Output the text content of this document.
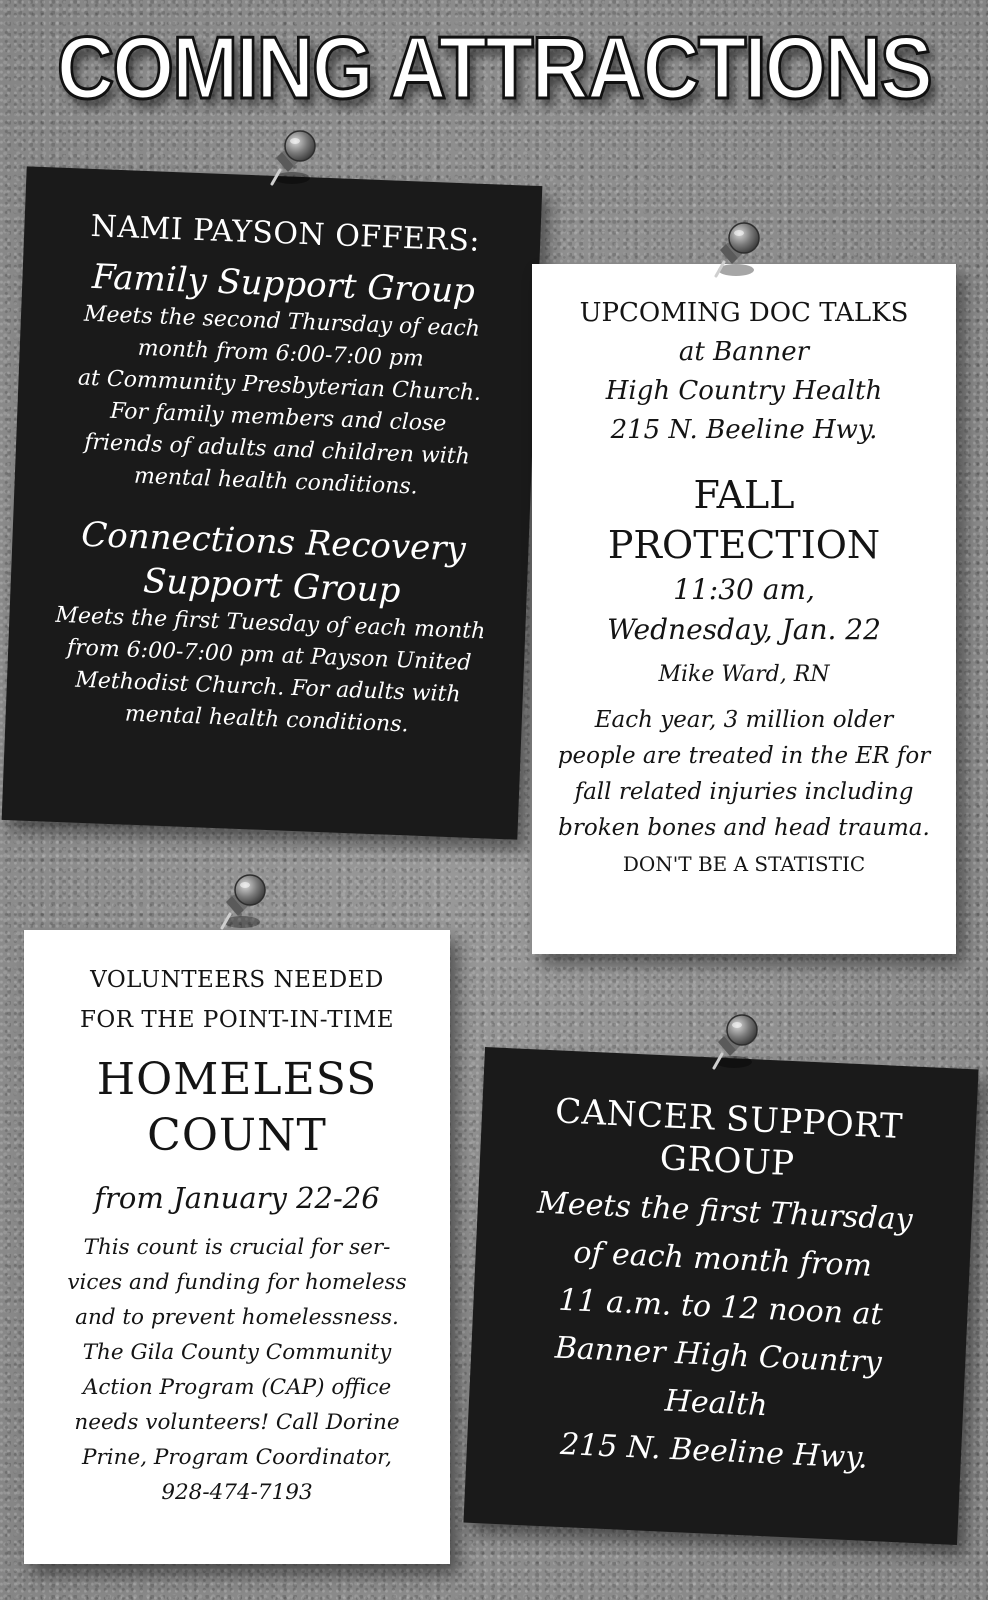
COMING ATTRACTIONS

NAMI PAYSON OFFERS:

Family Support Group

Meets the second Thursday of each

month from 6:00-7:00 pm

at Community Presbyterian Church.

For family members and close

friends of adults and children with

mental health conditions.

Connections Recovery

Support Group

Meets the first Tuesday of each month

from 6:00-7:00 pm at Payson United

Methodist Church. For adults with

mental health conditions.

UPCOMING DOC TALKS

at Banner

High Country Health

215 N. Beeline Hwy.

FALL

PROTECTION

11:30 am,

Wednesday, Jan. 22

Mike Ward, RN

Each year, 3 million older

people are treated in the ER for

fall related injuries including

broken bones and head trauma.

DON'T BE A STATISTIC

VOLUNTEERS NEEDED

FOR THE POINT-IN-TIME

HOMELESS

COUNT

from January 22-26

This count is crucial for ser-

vices and funding for homeless

and to prevent homelessness.

The Gila County Community

Action Program (CAP) office

needs volunteers! Call Dorine

Prine, Program Coordinator,

928-474-7193

CANCER SUPPORT

GROUP

Meets the first Thursday

of each month from

11 a.m. to 12 noon at

Banner High Country

Health

215 N. Beeline Hwy.
